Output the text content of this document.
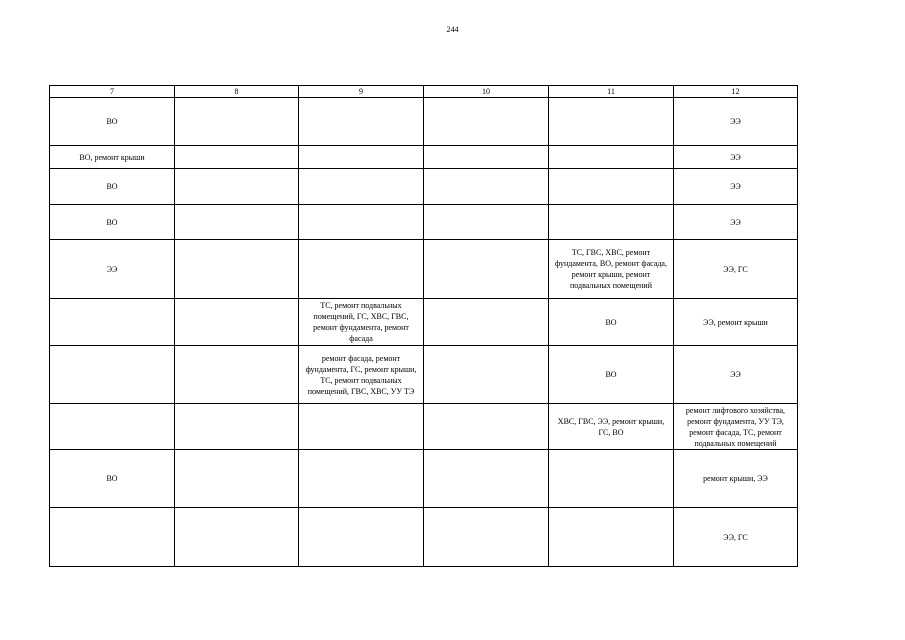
244
7	8	9	10	11	12
ВО					ЭЭ
ВО, ремонт крыши					ЭЭ
ВО					ЭЭ
ВО					ЭЭ
ЭЭ				ТС, ГВС, ХВС, ремонт фундамента, ВО, ремонт фасада, ремонт крыши, ремонт подвальных помещений	ЭЭ, ГС
		ТС, ремонт подвальных помещений, ГС, ХВС, ГВС, ремонт фундамента, ремонт фасада		ВО	ЭЭ, ремонт крыши
		ремонт фасада, ремонт фундамента, ГС, ремонт крыши, ТС, ремонт подвальных помещений, ГВС, ХВС, УУ ТЭ		ВО	ЭЭ
				ХВС, ГВС, ЭЭ, ремонт крыши, ГС, ВО	ремонт лифтового хозяйства, ремонт фундамента, УУ ТЭ, ремонт фасада, ТС, ремонт подвальных помещений
ВО					ремонт крыши, ЭЭ
					ЭЭ, ГС
